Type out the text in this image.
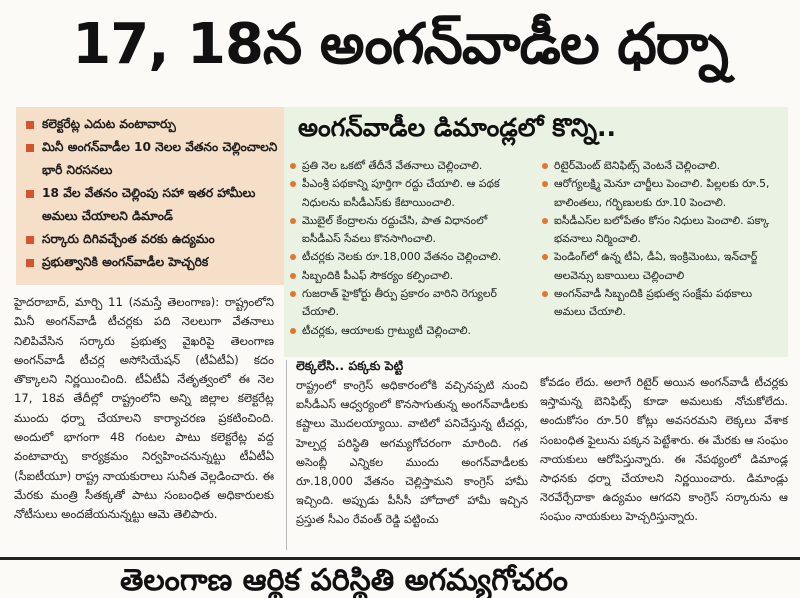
17, 18న అంగన్‌వాడీల ధర్నా
కలెక్టరేట్ల ఎదుట వంటావార్పు
మినీ అంగన్‌వాడీల 10 నెలల వేతనం చెల్లించాలని భారీ నిరసనలు
18 వేల వేతనం చెల్లింపు సహా ఇతర హామీలు అమలు చేయాలని డిమాండ్
సర్కారు దిగివచ్చేంత వరకు ఉద్యమం
ప్రభుత్వానికి అంగన్‌వాడీల హెచ్చరిక
అంగన్‌వాడీల డిమాండ్లలో కొన్ని..
ప్రతి నెల ఒకటో తేదీనే వేతనాలు చెల్లించాలి.
పీఎంశ్రీ పథకాన్ని పూర్తిగా రద్దు చేయాలి. ఆ పథక నిధులను ఐసీడీఎస్‌కు కేటాయించాలి.
మొబైల్ కేంద్రాలను రద్దుచేసి, పాత విధానంలో ఐసీడీఎస్ సేవలు కొనసాగించాలి.
టీచర్లకు నెలకు రూ.18,000 వేతనం చెల్లించాలి.
సిబ్బందికి పీఎఫ్ సౌకర్యం కల్పించాలి.
గుజరాత్ హైకోర్టు తీర్పు ప్రకారం వారిని రెగ్యులర్ చేయాలి.
టీచర్లకు, ఆయాలకు గ్రాట్యుటీ చెల్లించాలి.
రిటైర్‌మెంట్ బెనిఫిట్స్ వెంటనే చెల్లించాలి.
ఆరోగ్యలక్ష్మి మెనూ చార్జీలు పెంచాలి. పిల్లలకు రూ.5, బాలింతలు, గర్భిణులకు రూ.10 పెంచాలి.
ఐసీడీఎస్‌ల బలోపేతం కోసం నిధులు పెంచాలి. పక్కా భవనాలు నిర్మించాలి.
పెండింగ్‌లో ఉన్న టీఏ, డీఏ, ఇంక్రిమెంటు, ఇన్‌చార్జ్ అలవెన్సు బకాయిలు చెల్లించాలి
అంగన్‌వాడీ సిబ్బందికి ప్రభుత్వ సంక్షేమ పథకాలు అమలు చేయాలి.
హైదరాబాద్, మార్చి 11 (నమస్తే తెలంగాణ): రాష్ట్రంలోని మినీ అంగన్‌వాడీ టీచర్లకు పది నెలలుగా వేతనాలు నిలిపివేసిన సర్కారు ప్రభుత్వ వైఖరిపై తెలంగాణ అంగన్‌వాడీ టీచర్ల అసోసియేషన్ (టీఏటీఏ) కదం తొక్కాలని నిర్ణయించింది. టీఏటీఏ నేతృత్వంలో ఈ నెల 17, 18వ తేదీల్లో రాష్ట్రంలోని అన్ని జిల్లాల కలెక్టరేట్ల ముందు ధర్నా చేయాలని కార్యాచరణ ప్రకటించింది. అందులో భాగంగా 48 గంటల పాటు కలెక్టరేట్ల వద్ద వంటావార్పు కార్యక్రమం నిర్వహించనున్నట్టు టీఏటీఏ (సీఐటీయూ) రాష్ట్ర నాయకురాలు సునీత వెల్లడించారు. ఈ మేరకు మంత్రి సీతక్కతో పాటు సంబంధిత అధికారులకు నోటీసులు అందజేయనున్నట్టు ఆమె తెలిపారు.
లెక్కలేసి.. పక్కకు పెట్టి
రాష్ట్రంలో కాంగ్రెస్ అధికారంలోకి వచ్చినప్పటి నుంచి ఐసీడీఎస్ ఆధ్వర్యంలో కొనసాగుతున్న అంగన్‌వాడీలకు కష్టాలు మొదలయ్యాయి. వాటిలో పనిచేస్తున్న టీచర్లు, హెల్పర్ల పరిస్థితి అగమ్యగోచరంగా మారింది. గత అసెంబ్లీ ఎన్నికల ముందు అంగన్‌వాడీలకు రూ.18,000 వేతనం చెల్లిస్తామని కాంగ్రెస్ హామీ ఇచ్చింది. అప్పుడు పీసీసీ హోదాలో హామీ ఇచ్చిన ప్రస్తుత సీఎం రేవంత్ రెడ్డి పట్టించు
కోవడం లేదు. అలాగే రిటైర్ అయిన అంగన్‌వాడీ టీచర్లకు ఇస్తామన్న బెనిఫిట్స్ కూడా అమలుకు నోచుకోలేదు. అందుకోసం రూ.50 కోట్లు అవసరమని లెక్కలు వేశాక సంబంధిత ఫైలును పక్కన పెట్టేశారు. ఈ మేరకు ఆ సంఘం నాయకులు ఆరోపిస్తున్నారు. ఈ నేపథ్యంలో డిమాండ్ల సాధనకు ధర్నా చేయాలని నిర్ణయించారు. డిమాండ్లు నెరవేర్చేదాకా ఉద్యమం ఆగదని కాంగ్రెస్ సర్కారును ఆ సంఘం నాయకులు హెచ్చరిస్తున్నారు.
తెలంగాణ ఆర్థిక పరిస్థితి అగమ్యగోచరం
